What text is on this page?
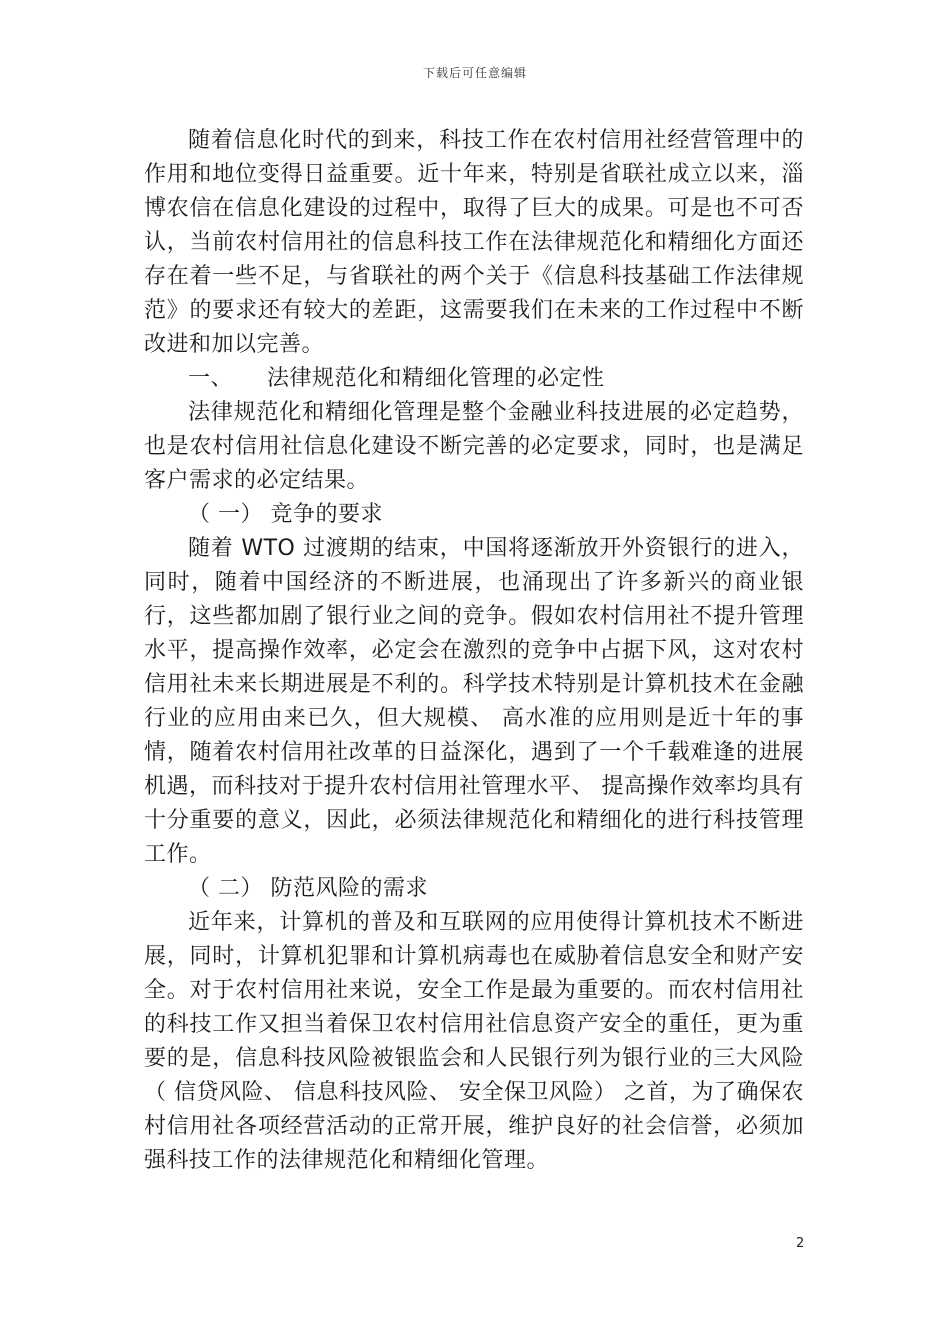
下载后可任意编辑

随着信息化时代的到来，科技工作在农村信用社经营管理中的作用和地位变得日益重要。近十年来，特别是省联社成立以来，淄博农信在信息化建设的过程中，取得了巨大的成果。可是也不可否认，当前农村信用社的信息科技工作在法律规范化和精细化方面还存在着一些不足，与省联社的两个关于《信息科技基础工作法律规范》的要求还有较大的差距，这需要我们在未来的工作过程中不断改进和加以完善。

一、　　法律规范化和精细化管理的必定性

法律规范化和精细化管理是整个金融业科技进展的必定趋势，也是农村信用社信息化建设不断完善的必定要求，同时，也是满足客户需求的必定结果。

（ 一） 竞争的要求

随着 WTO 过渡期的结束，中国将逐渐放开外资银行的进入，同时，随着中国经济的不断进展，也涌现出了许多新兴的商业银行，这些都加剧了银行业之间的竞争。假如农村信用社不提升管理水平，提高操作效率，必定会在激烈的竞争中占据下风，这对农村信用社未来长期进展是不利的。科学技术特别是计算机技术在金融行业的应用由来已久，但大规模、 高水准的应用则是近十年的事情，随着农村信用社改革的日益深化，遇到了一个千载难逢的进展机遇，而科技对于提升农村信用社管理水平、 提高操作效率均具有十分重要的意义，因此，必须法律规范化和精细化的进行科技管理工作。

（ 二） 防范风险的需求

近年来，计算机的普及和互联网的应用使得计算机技术不断进展，同时，计算机犯罪和计算机病毒也在威胁着信息安全和财产安全。对于农村信用社来说，安全工作是最为重要的。而农村信用社的科技工作又担当着保卫农村信用社信息资产安全的重任，更为重要的是，信息科技风险被银监会和人民银行列为银行业的三大风险（ 信贷风险、 信息科技风险、 安全保卫风险） 之首，为了确保农村信用社各项经营活动的正常开展，维护良好的社会信誉，必须加强科技工作的法律规范化和精细化管理。

2
